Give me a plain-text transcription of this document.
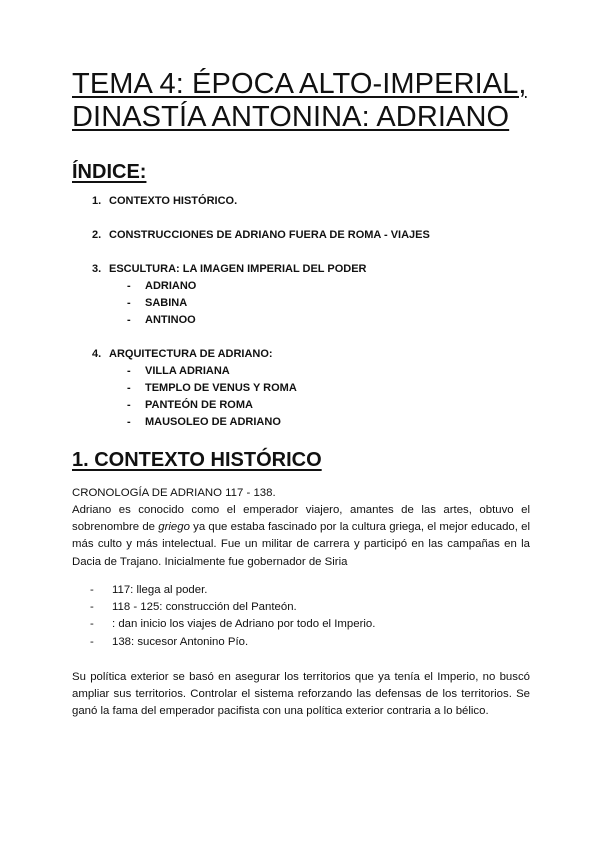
TEMA 4: ÉPOCA ALTO-IMPERIAL,
DINASTÍA ANTONINA: ADRIANO
ÍNDICE:
1. CONTEXTO HISTÓRICO.
2. CONSTRUCCIONES DE ADRIANO FUERA DE ROMA - VIAJES
3. ESCULTURA: LA IMAGEN IMPERIAL DEL PODER
- ADRIANO
- SABINA
- ANTINOO
4. ARQUITECTURA DE ADRIANO:
- VILLA ADRIANA
- TEMPLO DE VENUS Y ROMA
- PANTEÓN DE ROMA
- MAUSOLEO DE ADRIANO
1. CONTEXTO HISTÓRICO

CRONOLOGÍA DE ADRIANO 117 - 138.

Adriano es conocido como el emperador viajero, amantes de las artes, obtuvo el sobrenombre de griego ya que estaba fascinado por la cultura griega, el mejor educado, el más culto y más intelectual. Fue un militar de carrera y participó en las campañas en la Dacia de Trajano. Inicialmente fue gobernador de Siria

- 117: llega al poder.
- 118 - 125: construcción del Panteón.
- : dan inicio los viajes de Adriano por todo el Imperio.
- 138: sucesor Antonino Pío.

Su política exterior se basó en asegurar los territorios que ya tenía el Imperio, no buscó ampliar sus territorios. Controlar el sistema reforzando las defensas de los territorios. Se ganó la fama del emperador pacifista con una política exterior contraria a lo bélico.
